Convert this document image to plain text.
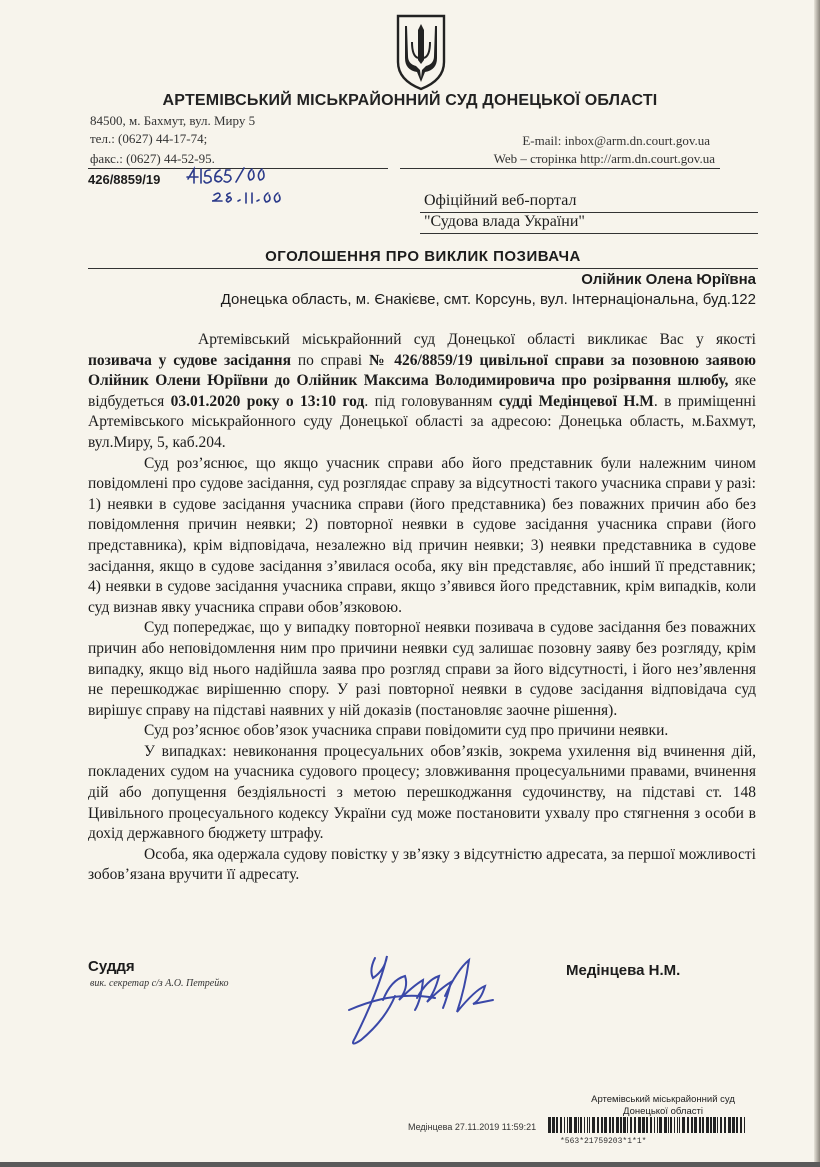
АРТЕМІВСЬКИЙ МІСЬКРАЙОННИЙ СУД ДОНЕЦЬКОЇ ОБЛАСТІ
84500, м. Бахмут, вул. Миру 5
тел.: (0627) 44-17-74;
факс.: (0627) 44-52-95.
E-mail: inbox@arm.dn.court.gov.ua
Web – сторінка http://arm.dn.court.gov.ua
426/8859/19
Офіційний веб-портал
"Судова влада України"
ОГОЛОШЕННЯ ПРО ВИКЛИК ПОЗИВАЧА
Олійник Олена Юріївна
Донецька область, м. Єнакієве, смт. Корсунь, вул. Інтернаціональна, буд.122

Артемівський міськрайонний суд Донецької області викликає Вас у якості позивача у судове засідання по справі № 426/8859/19 цивільної справи за позовною заявою Олійник Олени Юріївни до Олійник Максима Володимировича про розірвання шлюбу, яке відбудеться 03.01.2020 року о 13:10 год. під головуванням судді Медінцевої Н.М. в приміщенні Артемівського міськрайонного суду Донецької області за адресою: Донецька область, м.Бахмут, вул.Миру, 5, каб.204.

Суд роз’яснює, що якщо учасник справи або його представник були належним чином повідомлені про судове засідання, суд розглядає справу за відсутності такого учасника справи у разі: 1) неявки в судове засідання учасника справи (його представника) без поважних причин або без повідомлення причин неявки; 2) повторної неявки в судове засідання учасника справи (його представника), крім відповідача, незалежно від причин неявки; 3) неявки представника в судове засідання, якщо в судове засідання з’явилася особа, яку він представляє, або інший її представник; 4) неявки в судове засідання учасника справи, якщо з’явився його представник, крім випадків, коли суд визнав явку учасника справи обов’язковою.

Суд попереджає, що у випадку повторної неявки позивача в судове засідання без поважних причин або неповідомлення ним про причини неявки суд залишає позовну заяву без розгляду, крім випадку, якщо від нього надійшла заява про розгляд справи за його відсутності, і його нез’явлення не перешкоджає вирішенню спору. У разі повторної неявки в судове засідання відповідача суд вирішує справу на підставі наявних у ній доказів (постановляє заочне рішення).

Суд роз’яснює обов’язок учасника справи повідомити суд про причини неявки.

У випадках: невиконання процесуальних обов’язків, зокрема ухилення від вчинення дій, покладених судом на учасника судового процесу; зловживання процесуальними правами, вчинення дій або допущення бездіяльності з метою перешкоджання судочинству, на підставі ст. 148 Цивільного процесуального кодексу України суд може постановити ухвалу про стягнення з особи в дохід державного бюджету штрафу.

Особа, яка одержала судову повістку у зв’язку з відсутністю адресата, за першої можливості зобов’язана вручити її адресату.

Суддя
вик. секретар с/з А.О. Петрейко
Медінцева Н.М.
Артемівський міськрайонний суд
Донецької області
Медінцева 27.11.2019 11:59:21
*563*21759203*1*1*
